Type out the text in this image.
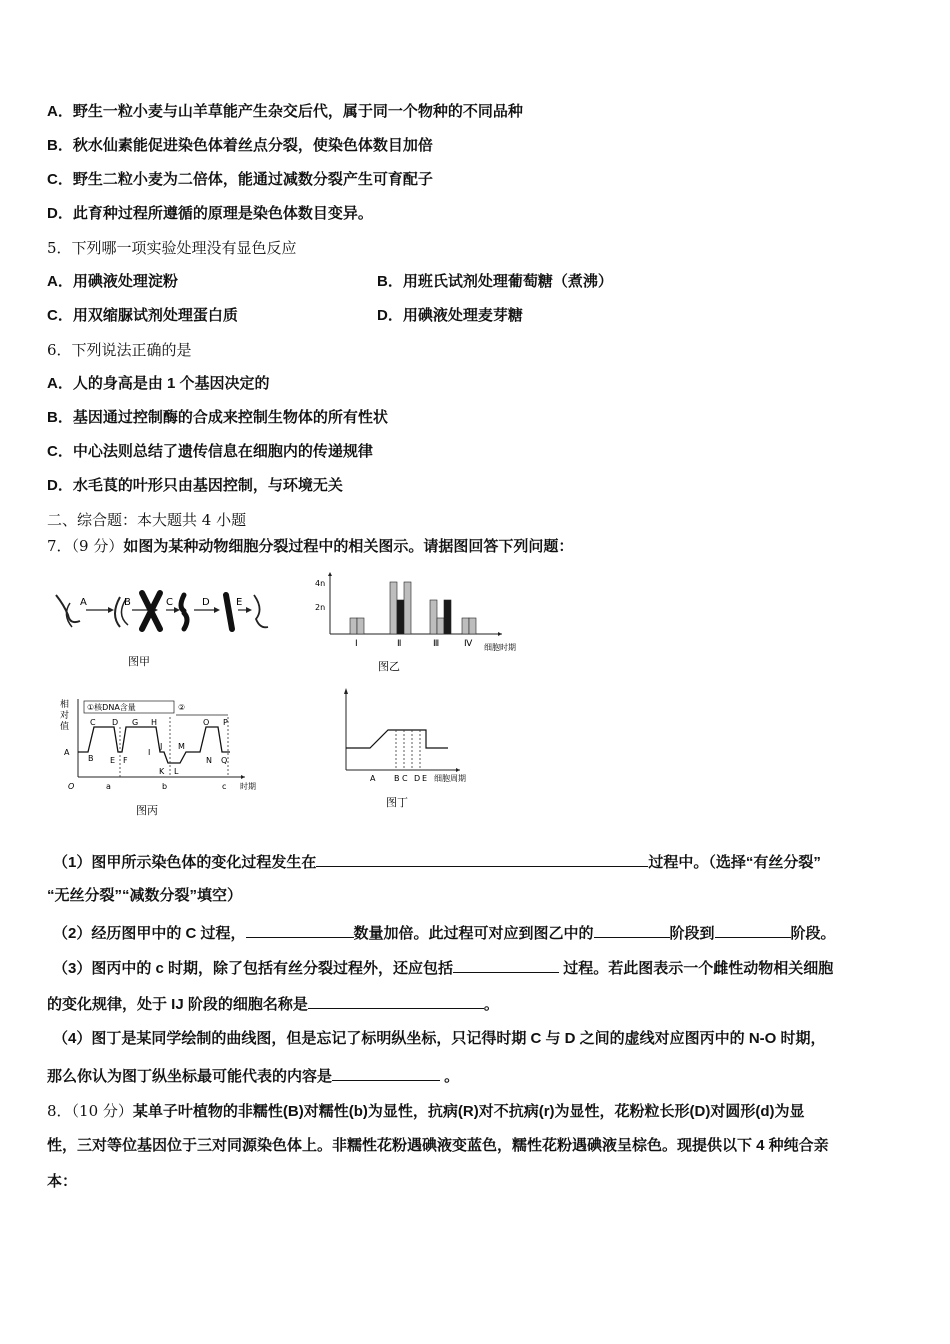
A．野生一粒小麦与山羊草能产生杂交后代，属于同一个物种的不同品种
B．秋水仙素能促进染色体着丝点分裂，使染色体数目加倍
C．野生二粒小麦为二倍体，能通过减数分裂产生可育配子
D．此育种过程所遵循的原理是染色体数目变异。
5．下列哪一项实验处理没有显色反应
A．用碘液处理淀粉	B．用班氏试剂处理葡萄糖（煮沸）
C．用双缩脲试剂处理蛋白质	D．用碘液处理麦芽糖
6．下列说法正确的是
A．人的身高是由 1 个基因决定的
B．基因通过控制酶的合成来控制生物体的所有性状
C．中心法则总结了遗传信息在细胞内的传递规律
D．水毛茛的叶形只由基因控制，与环境无关
二、综合题：本大题共 4 小题
7．（9 分）如图为某种动物细胞分裂过程中的相关图示。请据图回答下列问题：
A	B	C	D	E
图甲
4n
2n
Ⅰ	Ⅱ	Ⅲ	Ⅳ 细胞时期
图乙
相
对
值
①核DNA含量	②
C D G H	O P
A
B E F
I
J M
N Q
K L
O	a	b	c 时期
图丙
A B C D E 细胞周期
图丁
（1）图甲所示染色体的变化过程发生在	过程中。（选择“有丝分裂”
“无丝分裂”“减数分裂”填空）
（2）经历图甲中的 C 过程，	数量加倍。此过程可对应到图乙中的	阶段到	阶段。
（3）图丙中的 c 时期，除了包括有丝分裂过程外，还应包括	过程。若此图表示一个雌性动物相关细胞
的变化规律，处于 IJ 阶段的细胞名称是	。
（4）图丁是某同学绘制的曲线图，但是忘记了标明纵坐标，只记得时期 C 与 D 之间的虚线对应图丙中的 N-O 时期，
那么你认为图丁纵坐标最可能代表的内容是	。
8．（10 分）某单子叶植物的非糯性(B)对糯性(b)为显性，抗病(R)对不抗病(r)为显性，花粉粒长形(D)对圆形(d)为显
性，三对等位基因位于三对同源染色体上。非糯性花粉遇碘液变蓝色，糯性花粉遇碘液呈棕色。现提供以下 4 种纯合亲
本：
